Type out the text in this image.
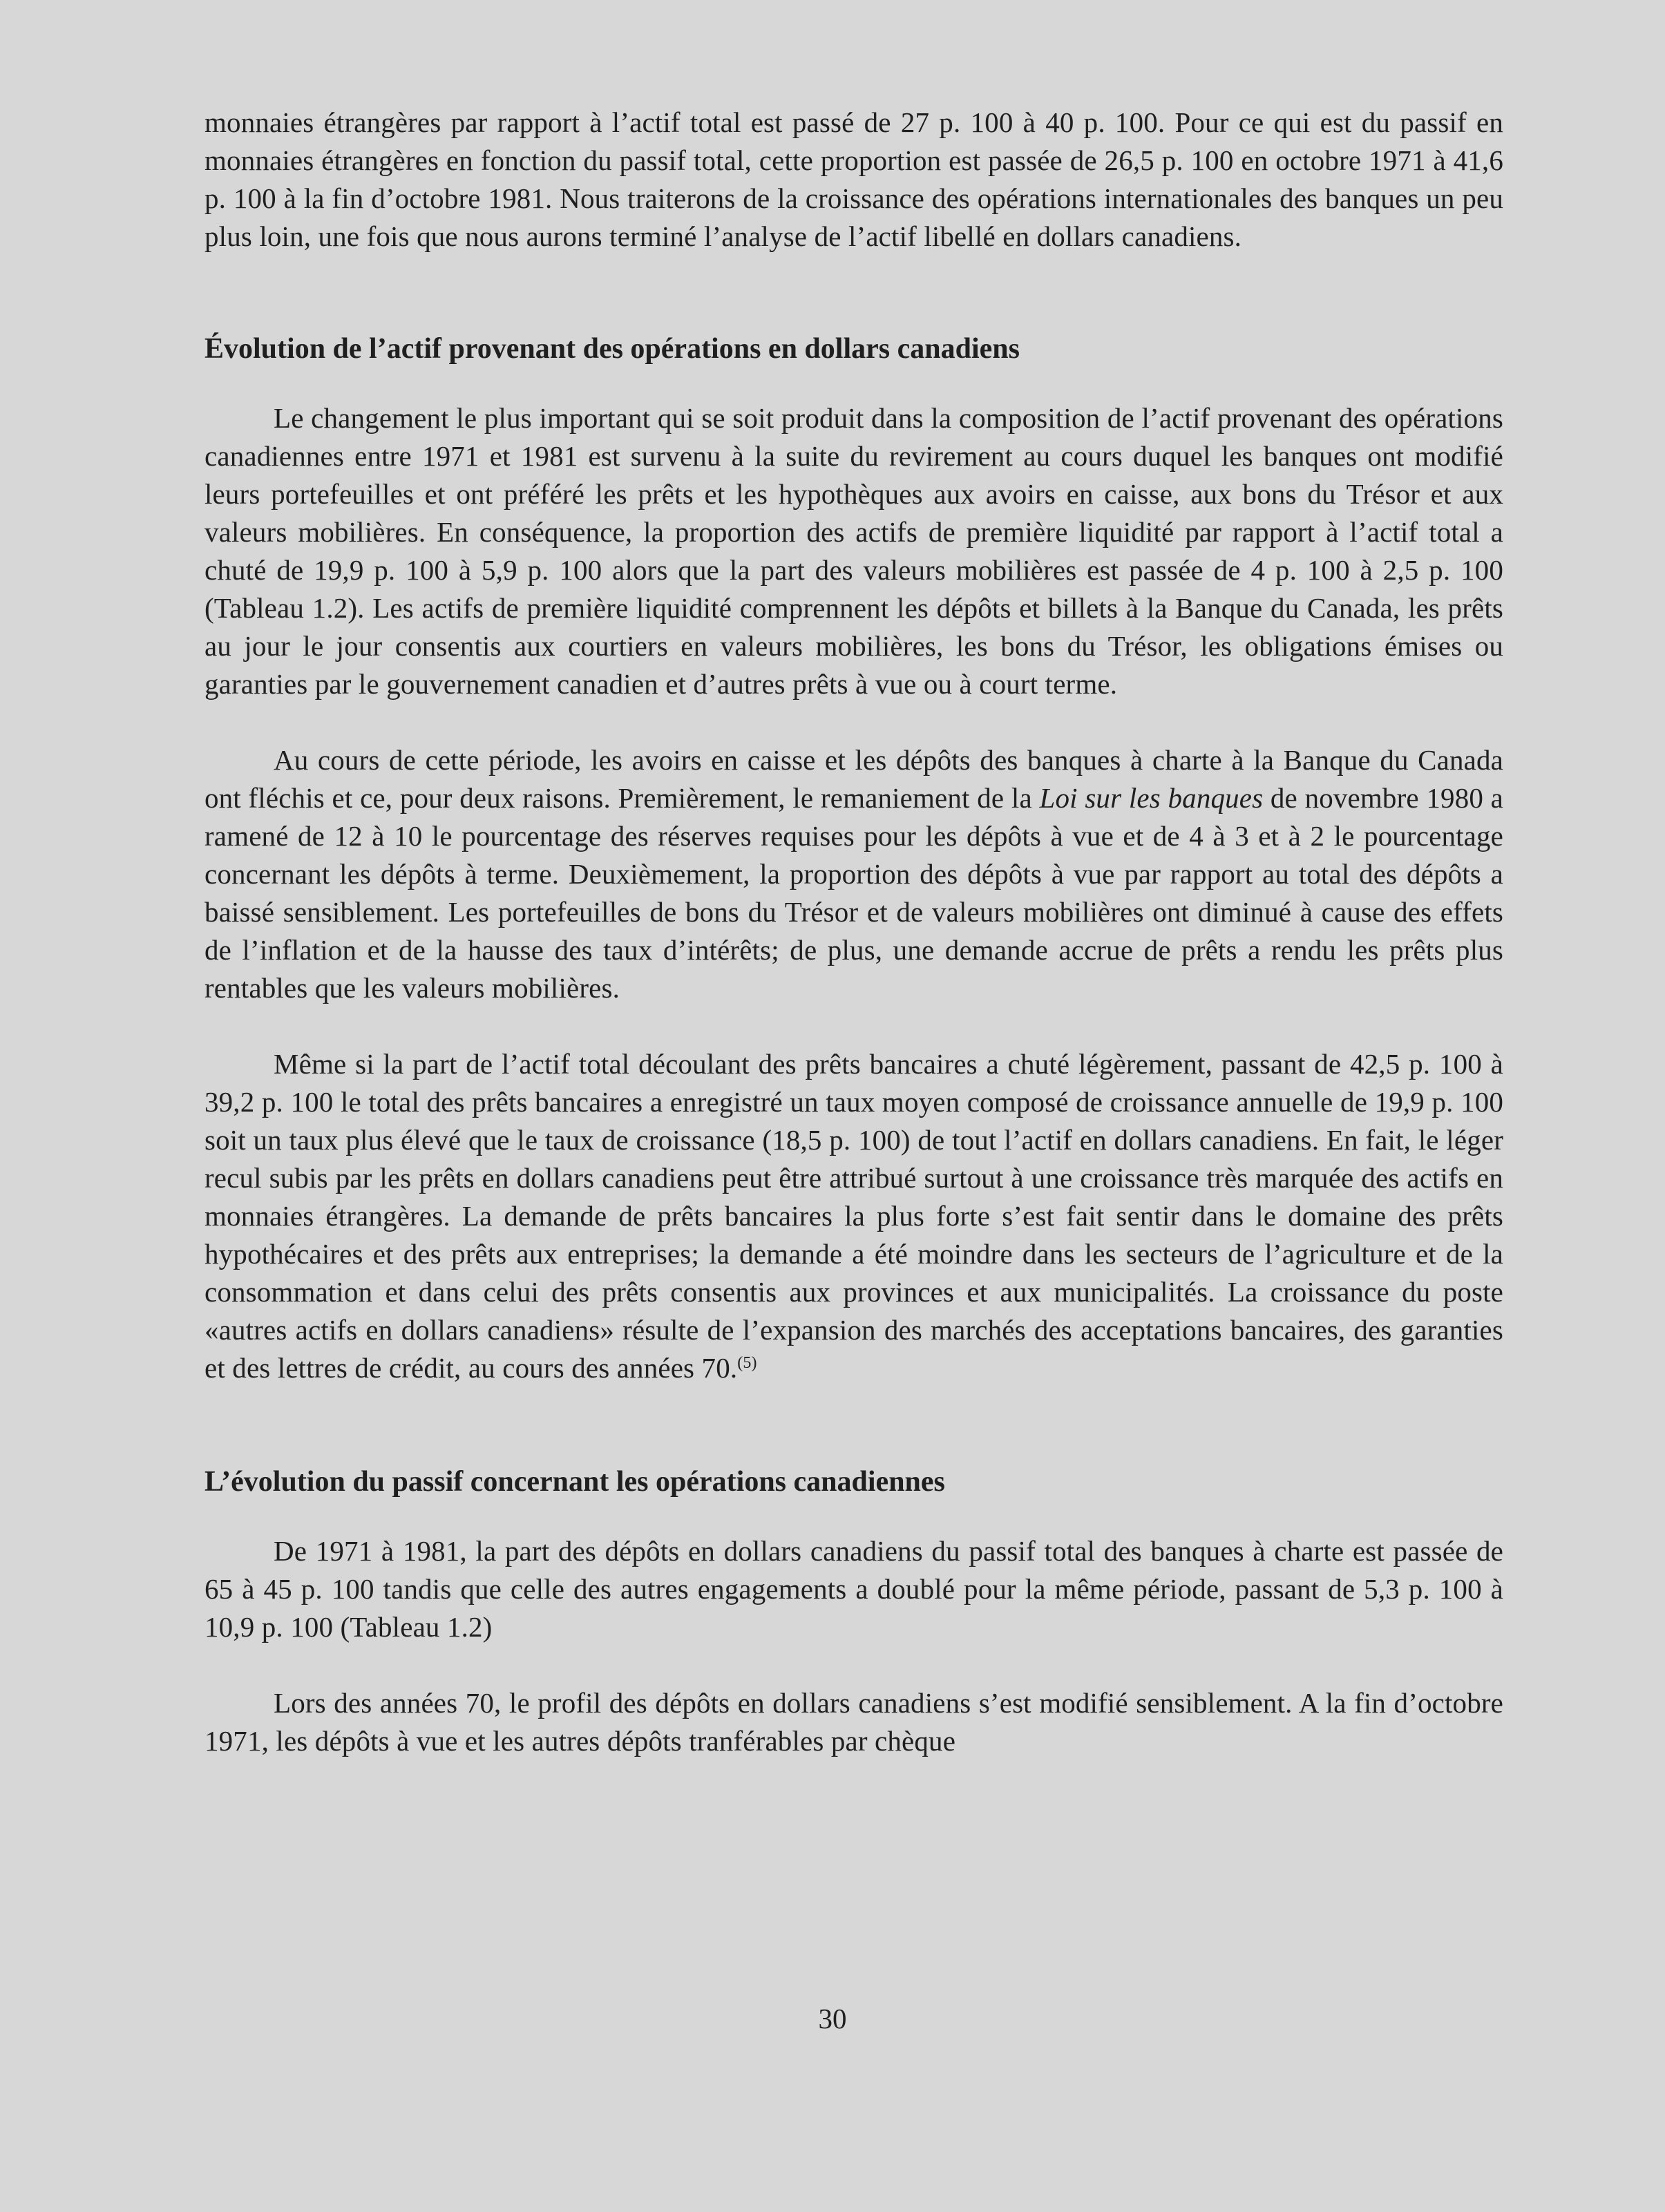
monnaies étrangères par rapport à l’actif total est passé de 27 p. 100 à 40 p. 100. Pour ce qui est du passif en monnaies étrangères en fonction du passif total, cette proportion est passée de 26,5 p. 100 en octobre 1971 à 41,6 p. 100 à la fin d’octobre 1981. Nous traiterons de la croissance des opérations internationales des banques un peu plus loin, une fois que nous aurons terminé l’analyse de l’actif libellé en dollars canadiens.

Évolution de l’actif provenant des opérations en dollars canadiens

Le changement le plus important qui se soit produit dans la composition de l’actif provenant des opérations canadiennes entre 1971 et 1981 est survenu à la suite du revirement au cours duquel les banques ont modifié leurs portefeuilles et ont préféré les prêts et les hypothèques aux avoirs en caisse, aux bons du Trésor et aux valeurs mobilières. En conséquence, la proportion des actifs de première liquidité par rapport à l’actif total a chuté de 19,9 p. 100 à 5,9 p. 100 alors que la part des valeurs mobilières est passée de 4 p. 100 à 2,5 p. 100 (Tableau 1.2). Les actifs de première liquidité comprennent les dépôts et billets à la Banque du Canada, les prêts au jour le jour consentis aux courtiers en valeurs mobilières, les bons du Trésor, les obligations émises ou garanties par le gouvernement canadien et d’autres prêts à vue ou à court terme.

Au cours de cette période, les avoirs en caisse et les dépôts des banques à charte à la Banque du Canada ont fléchis et ce, pour deux raisons. Premièrement, le remaniement de la Loi sur les banques de novembre 1980 a ramené de 12 à 10 le pourcentage des réserves requises pour les dépôts à vue et de 4 à 3 et à 2 le pourcentage concernant les dépôts à terme. Deuxièmement, la proportion des dépôts à vue par rapport au total des dépôts a baissé sensiblement. Les portefeuilles de bons du Trésor et de valeurs mobilières ont diminué à cause des effets de l’inflation et de la hausse des taux d’intérêts; de plus, une demande accrue de prêts a rendu les prêts plus rentables que les valeurs mobilières.

Même si la part de l’actif total découlant des prêts bancaires a chuté légèrement, passant de 42,5 p. 100 à 39,2 p. 100 le total des prêts bancaires a enregistré un taux moyen composé de croissance annuelle de 19,9 p. 100 soit un taux plus élevé que le taux de croissance (18,5 p. 100) de tout l’actif en dollars canadiens. En fait, le léger recul subis par les prêts en dollars canadiens peut être attribué surtout à une croissance très marquée des actifs en monnaies étrangères. La demande de prêts bancaires la plus forte s’est fait sentir dans le domaine des prêts hypothécaires et des prêts aux entreprises; la demande a été moindre dans les secteurs de l’agriculture et de la consommation et dans celui des prêts consentis aux provinces et aux municipalités. La croissance du poste «autres actifs en dollars canadiens» résulte de l’expansion des marchés des acceptations bancaires, des garanties et des lettres de crédit, au cours des années 70.$^{(5)}$

L’évolution du passif concernant les opérations canadiennes

De 1971 à 1981, la part des dépôts en dollars canadiens du passif total des banques à charte est passée de 65 à 45 p. 100 tandis que celle des autres engagements a doublé pour la même période, passant de 5,3 p. 100 à 10,9 p. 100 (Tableau 1.2)

Lors des années 70, le profil des dépôts en dollars canadiens s’est modifié sensiblement. A la fin d’octobre 1971, les dépôts à vue et les autres dépôts tranférables par chèque

30
